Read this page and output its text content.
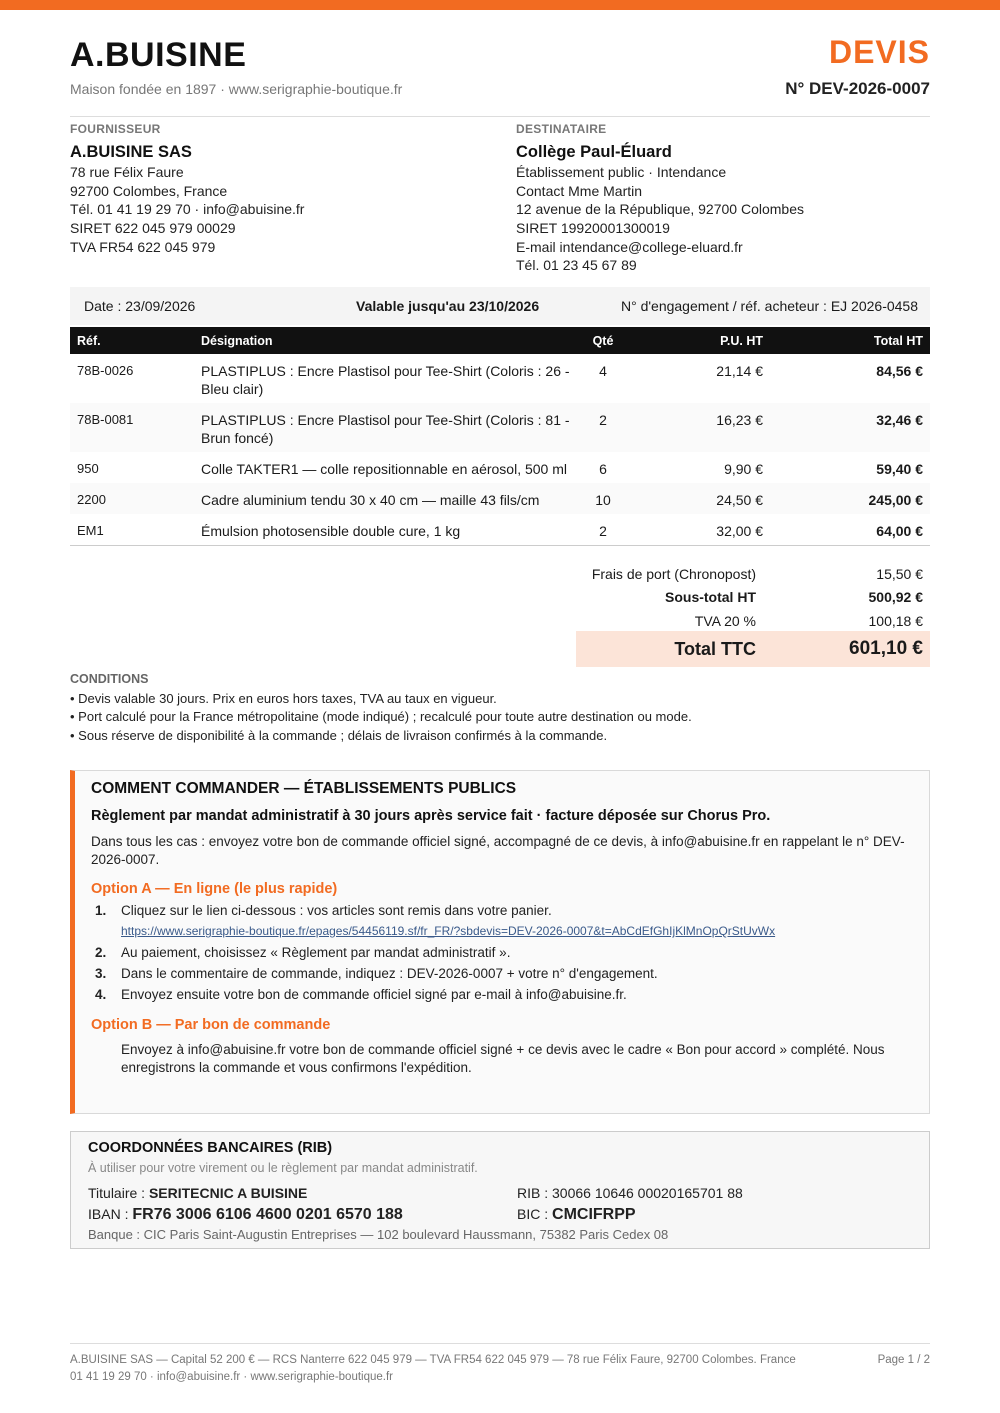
A.BUISINE
Maison fondée en 1897 · www.serigraphie-boutique.fr
DEVIS
N° DEV-2026-0007
FOURNISSEUR
A.BUISINE SAS
78 rue Félix Faure
92700 Colombes, France
Tél. 01 41 19 29 70 · info@abuisine.fr
SIRET 622 045 979 00029
TVA FR54 622 045 979
DESTINATAIRE
Collège Paul-Éluard
Établissement public · Intendance
Contact Mme Martin
12 avenue de la République, 92700 Colombes
SIRET 19920001300019
E-mail intendance@college-eluard.fr
Tél. 01 23 45 67 89
Date : 23/09/2026	Valable jusqu'au 23/10/2026	N° d'engagement / réf. acheteur : EJ 2026-0458
Réf.	Désignation	Qté	P.U. HT	Total HT
78B-0026	PLASTIPLUS : Encre Plastisol pour Tee-Shirt (Coloris : 26 - Bleu clair)	4	21,14 €	84,56 €
78B-0081	PLASTIPLUS : Encre Plastisol pour Tee-Shirt (Coloris : 81 - Brun foncé)	2	16,23 €	32,46 €
950	Colle TAKTER1 — colle repositionnable en aérosol, 500 ml	6	9,90 €	59,40 €
2200	Cadre aluminium tendu 30 x 40 cm — maille 43 fils/cm	10	24,50 €	245,00 €
EM1	Émulsion photosensible double cure, 1 kg	2	32,00 €	64,00 €
Frais de port (Chronopost)	15,50 €
Sous-total HT	500,92 €
TVA 20 %	100,18 €
Total TTC	601,10 €
CONDITIONS
• Devis valable 30 jours. Prix en euros hors taxes, TVA au taux en vigueur.
• Port calculé pour la France métropolitaine (mode indiqué) ; recalculé pour toute autre destination ou mode.
• Sous réserve de disponibilité à la commande ; délais de livraison confirmés à la commande.
COMMENT COMMANDER — ÉTABLISSEMENTS PUBLICS
Règlement par mandat administratif à 30 jours après service fait · facture déposée sur Chorus Pro.
Dans tous les cas : envoyez votre bon de commande officiel signé, accompagné de ce devis, à info@abuisine.fr en rappelant le n° DEV-2026-0007.
Option A — En ligne (le plus rapide)
1.	Cliquez sur le lien ci-dessous : vos articles sont remis dans votre panier.
https://www.serigraphie-boutique.fr/epages/54456119.sf/fr_FR/?sbdevis=DEV-2026-0007&t=AbCdEfGhIjKlMnOpQrStUvWx
2.	Au paiement, choisissez « Règlement par mandat administratif ».
3.	Dans le commentaire de commande, indiquez : DEV-2026-0007 + votre n° d'engagement.
4.	Envoyez ensuite votre bon de commande officiel signé par e-mail à info@abuisine.fr.
Option B — Par bon de commande
Envoyez à info@abuisine.fr votre bon de commande officiel signé + ce devis avec le cadre « Bon pour accord » complété. Nous enregistrons la commande et vous confirmons l'expédition.
COORDONNÉES BANCAIRES (RIB)
À utiliser pour votre virement ou le règlement par mandat administratif.
Titulaire : SERITECNIC A BUISINE
IBAN : FR76 3006 6106 4600 0201 6570 188
RIB : 30066 10646 00020165701 88
BIC : CMCIFRPP
Banque : CIC Paris Saint-Augustin Entreprises — 102 boulevard Haussmann, 75382 Paris Cedex 08
A.BUISINE SAS — Capital 52 200 € — RCS Nanterre 622 045 979 — TVA FR54 622 045 979 — 78 rue Félix Faure, 92700 Colombes. France
01 41 19 29 70 · info@abuisine.fr · www.serigraphie-boutique.fr
Page 1 / 2
